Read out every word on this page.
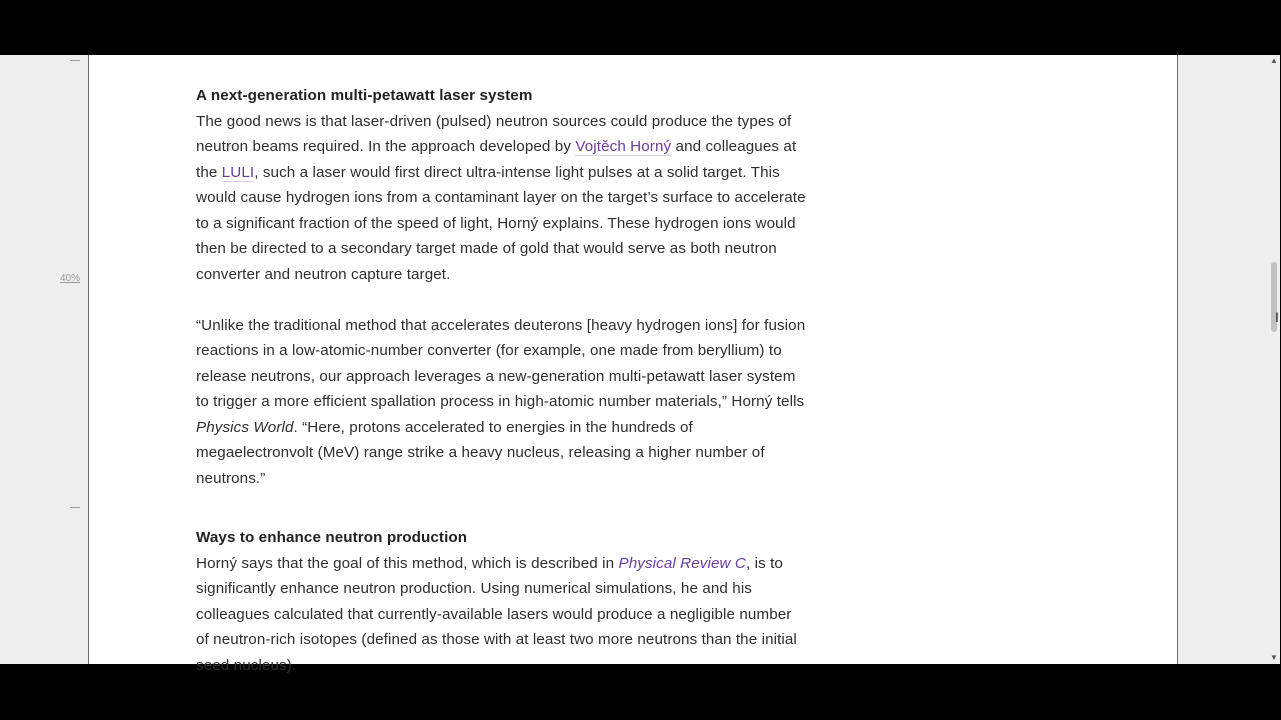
40%
A next-generation multi-petawatt laser system

The good news is that laser-driven (pulsed) neutron sources could produce the types of neutron beams required. In the approach developed by Vojtěch Horný and colleagues at the LULI, such a laser would first direct ultra-intense light pulses at a solid target. This would cause hydrogen ions from a contaminant layer on the target’s surface to accelerate to a significant fraction of the speed of light, Horný explains. These hydrogen ions would then be directed to a secondary target made of gold that would serve as both neutron converter and neutron capture target.

“Unlike the traditional method that accelerates deuterons [heavy hydrogen ions] for fusion reactions in a low-atomic-number converter (for example, one made from beryllium) to release neutrons, our approach leverages a new-generation multi-petawatt laser system to trigger a more efficient spallation process in high-atomic number materials,” Horný tells Physics World. “Here, protons accelerated to energies in the hundreds of megaelectronvolt (MeV) range strike a heavy nucleus, releasing a higher number of neutrons.”

Ways to enhance neutron production

Horný says that the goal of this method, which is described in Physical Review C, is to significantly enhance neutron production. Using numerical simulations, he and his colleagues calculated that currently-available lasers would produce a negligible number of neutron-rich isotopes (defined as those with at least two more neutrons than the initial seed nucleus).

▲
▼
I
